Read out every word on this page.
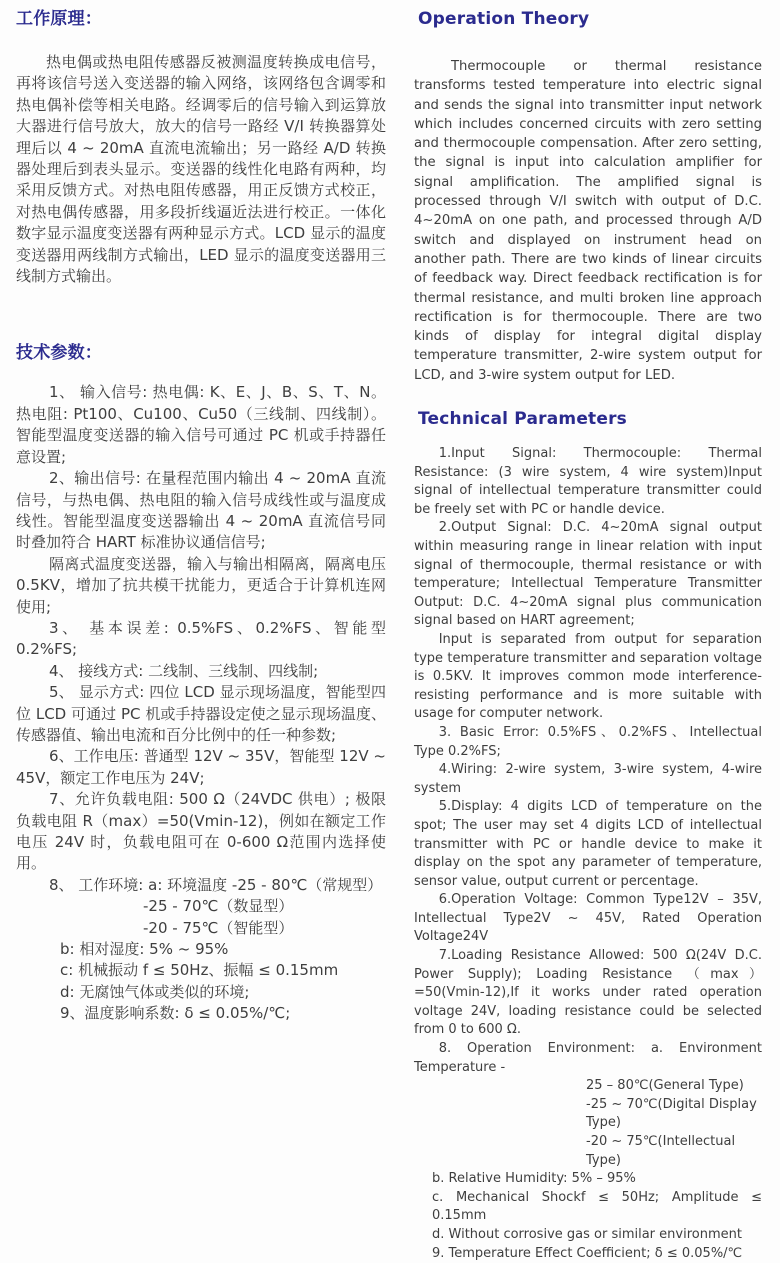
工作原理：

热电偶或热电阻传感器反被测温度转换成电信号，再将该信号送入变送器的输入网络，该网络包含调零和热电偶补偿等相关电路。经调零后的信号输入到运算放大器进行信号放大，放大的信号一路经 V/I 转换器算处理后以 4 ~ 20mA 直流电流输出；另一路经 A/D 转换器处理后到表头显示。变送器的线性化电路有两种，均采用反馈方式。对热电阻传感器，用正反馈方式校正，对热电偶传感器，用多段折线逼近法进行校正。一体化数字显示温度变送器有两种显示方式。LCD 显示的温度变送器用两线制方式输出，LED 显示的温度变送器用三线制方式输出。

技术参数：

1、 输入信号: 热电偶: K、E、J、B、S、T、N。热电阻: Pt100、Cu100、Cu50（三线制、四线制）。智能型温度变送器的输入信号可通过 PC 机或手持器任意设置;

2、输出信号: 在量程范围内输出 4 ~ 20mA 直流信号，与热电偶、热电阻的输入信号成线性或与温度成线性。智能型温度变送器输出 4 ~ 20mA 直流信号同时叠加符合 HART 标准协议通信信号;

隔离式温度变送器，输入与输出相隔离，隔离电压 0.5KV，增加了抗共模干扰能力，更适合于计算机连网使用;

3、 基本误差: 0.5%FS、0.2%FS、智能型 0.2%FS;

4、 接线方式: 二线制、三线制、四线制;

5、 显示方式: 四位 LCD 显示现场温度，智能型四位 LCD 可通过 PC 机或手持器设定使之显示现场温度、传感器值、输出电流和百分比例中的任一种参数;

6、工作电压: 普通型 12V ~ 35V，智能型 12V ~ 45V，额定工作电压为 24V;

7、允许负载电阻: 500 Ω（24VDC 供电）; 极限负载电阻 R（max）=50(Vmin-12)，例如在额定工作电压 24V 时，负载电阻可在 0-600 Ω范围内选择使用。

8、 工作环境: a: 环境温度 -25 - 80℃（常规型）

-25 - 70℃（数显型）

-20 - 75℃（智能型）

b: 相对湿度: 5% ~ 95%

c: 机械振动 f ≤ 50Hz、振幅 ≤ 0.15mm

d: 无腐蚀气体或类似的环境;

9、温度影响系数: δ ≤ 0.05%/℃;

Operation Theory

Thermocouple or thermal resistance transforms tested temperature into electric signal and sends the signal into transmitter input network which includes concerned circuits with zero setting and thermocouple compensation. After zero setting, the signal is input into calculation amplifier for signal amplification. The amplified signal is processed through V/I switch with output of D.C. 4~20mA on one path, and processed through A/D switch and displayed on instrument head on another path. There are two kinds of linear circuits of feedback way. Direct feedback rectification is for thermal resistance, and multi broken line approach rectification is for thermocouple. There are two kinds of display for integral digital display temperature transmitter, 2-wire system output for LCD, and 3-wire system output for LED.

Technical Parameters

1.Input Signal: Thermocouple: Thermal Resistance: (3 wire system, 4 wire system)Input signal of intellectual temperature transmitter could be freely set with PC or handle device.

2.Output Signal: D.C. 4~20mA signal output within measuring range in linear relation with input signal of thermocouple, thermal resistance or with temperature; Intellectual Temperature Transmitter Output: D.C. 4~20mA signal plus communication signal based on HART agreement;

Input is separated from output for separation type temperature transmitter and separation voltage is 0.5KV. It improves common mode interference-resisting performance and is more suitable with usage for computer network.

3. Basic Error: 0.5%FS、0.2%FS、Intellectual Type 0.2%FS;

4.Wiring: 2-wire system, 3-wire system, 4-wire system

5.Display: 4 digits LCD of temperature on the spot; The user may set 4 digits LCD of intellectual transmitter with PC or handle device to make it display on the spot any parameter of temperature, sensor value, output current or percentage.

6.Operation Voltage: Common Type12V – 35V, Intellectual Type2V ~ 45V, Rated Operation Voltage24V

7.Loading Resistance Allowed: 500 Ω(24V D.C. Power Supply); Loading Resistance （max） =50(Vmin-12),If it works under rated operation voltage 24V, loading resistance could be selected from 0 to 600 Ω.

8. Operation Environment: a. Environment Temperature -

25 – 80℃(General Type)

-25 ~ 70℃(Digital Display Type)

-20 ~ 75℃(Intellectual Type)

b. Relative Humidity: 5% – 95%

c. Mechanical Shockf ≤ 50Hz; Amplitude ≤ 0.15mm

d. Without corrosive gas or similar environment

9. Temperature Effect Coefficient; δ ≤ 0.05%/℃
